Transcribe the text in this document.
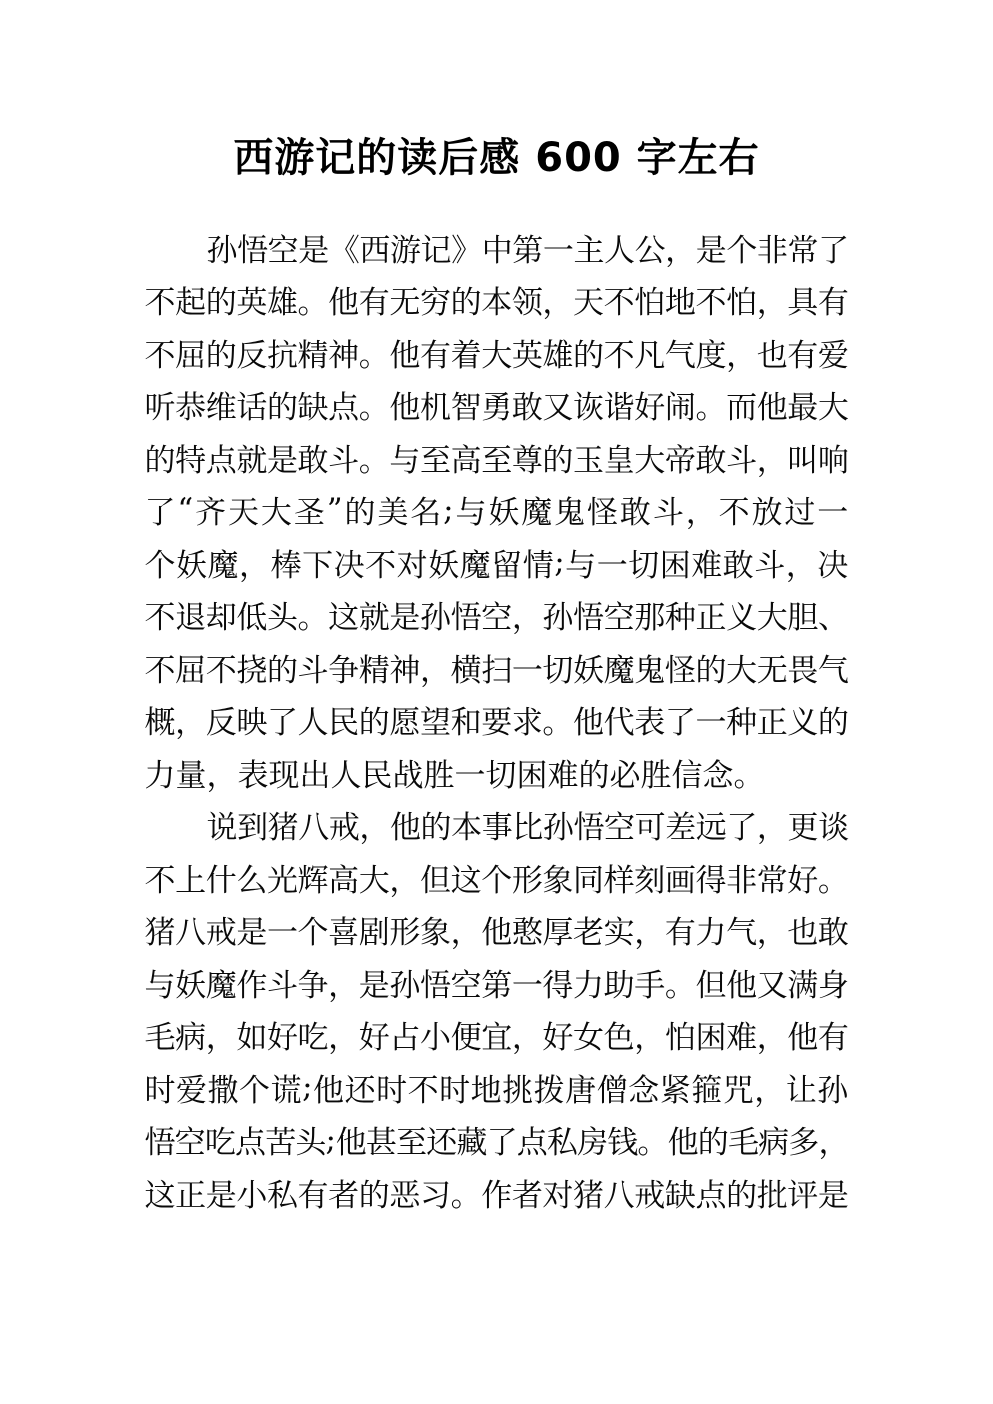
西游记的读后感 600 字左右
孙 悟 空 是 《 西 游 记 》 中 第 一 主 人 公 ， 是 个 非 常 了
不 起 的 英 雄 。 他 有 无 穷 的 本 领 ， 天 不 怕 地 不 怕 ， 具 有
不 屈 的 反 抗 精 神 。 他 有 着 大 英 雄 的 不 凡 气 度 ， 也 有 爱
听 恭 维 话 的 缺 点 。 他 机 智 勇 敢 又 诙 谐 好 闹 。 而 他 最 大
的 特 点 就 是 敢 斗 。 与 至 高 至 尊 的 玉 皇 大 帝 敢 斗 ， 叫 响
了 “ 齐 天 大 圣 ” 的 美 名 ; 与 妖 魔 鬼 怪 敢 斗 ， 不 放 过 一
个 妖 魔 ， 棒 下 决 不 对 妖 魔 留 情 ; 与 一 切 困 难 敢 斗 ， 决
不 退 却 低 头 。 这 就 是 孙 悟 空 ， 孙 悟 空 那 种 正 义 大 胆 、
不 屈 不 挠 的 斗 争 精 神 ， 横 扫 一 切 妖 魔 鬼 怪 的 大 无 畏 气
概 ， 反 映 了 人 民 的 愿 望 和 要 求 。 他 代 表 了 一 种 正 义 的
力 量 ， 表 现 出 人 民 战 胜 一 切 困 难 的 必 胜 信 念 。
说 到 猪 八 戒 ， 他 的 本 事 比 孙 悟 空 可 差 远 了 ， 更 谈
不 上 什 么 光 辉 高 大 ， 但 这 个 形 象 同 样 刻 画 得 非 常 好 。
猪 八 戒 是 一 个 喜 剧 形 象 ， 他 憨 厚 老 实 ， 有 力 气 ， 也 敢
与 妖 魔 作 斗 争 ， 是 孙 悟 空 第 一 得 力 助 手 。 但 他 又 满 身
毛 病 ， 如 好 吃 ， 好 占 小 便 宜 ， 好 女 色 ， 怕 困 难 ， 他 有
时 爱 撒 个 谎 ; 他 还 时 不 时 地 挑 拨 唐 僧 念 紧 箍 咒 ， 让 孙
悟 空 吃 点 苦 头 ; 他 甚 至 还 藏 了 点 私 房 钱 。 他 的 毛 病 多 ，
这 正 是 小 私 有 者 的 恶 习 。 作 者 对 猪 八 戒 缺 点 的 批 评 是
